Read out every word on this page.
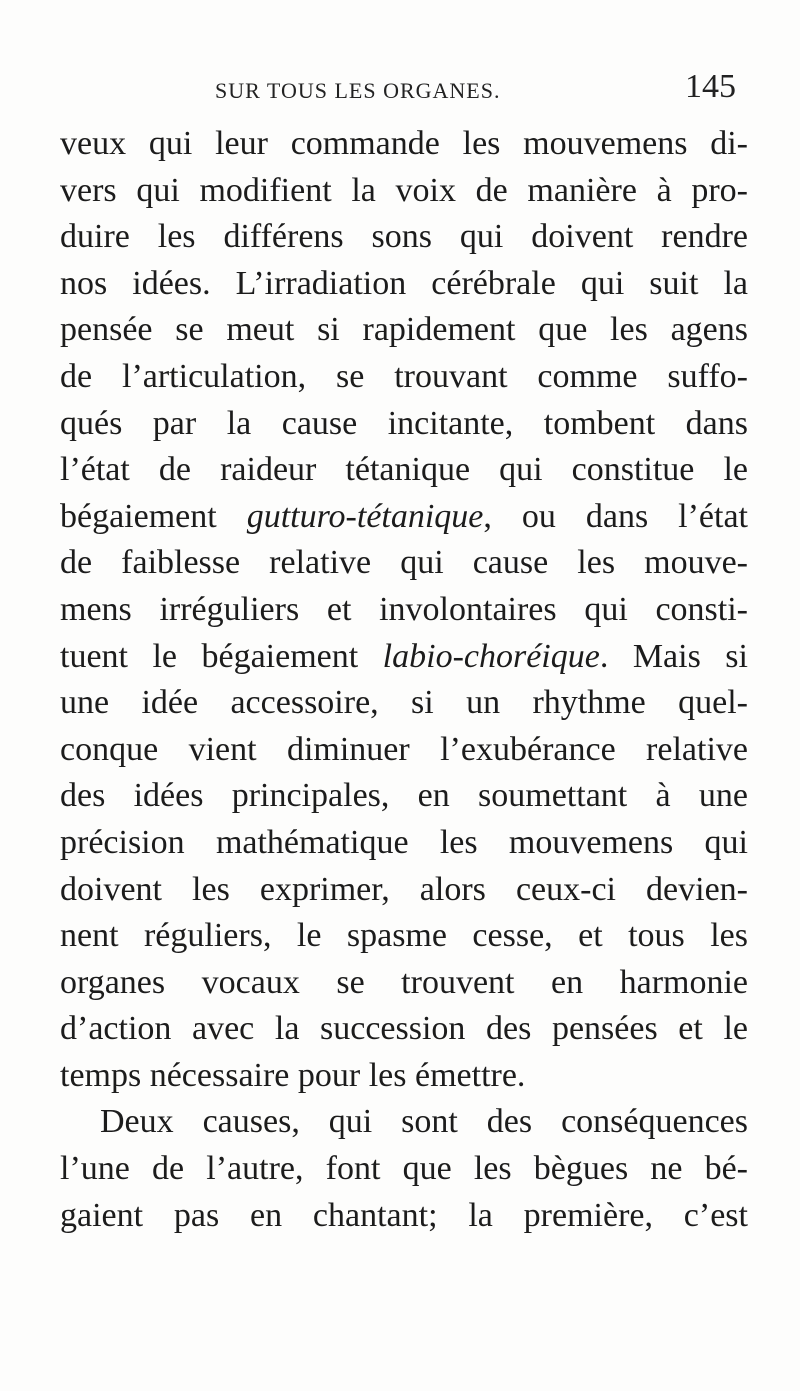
SUR TOUS LES ORGANES.	145
veux qui leur commande les mouvemens di-
vers qui modifient la voix de manière à pro-
duire les différens sons qui doivent rendre
nos idées. L’irradiation cérébrale qui suit la
pensée se meut si rapidement que les agens
de l’articulation, se trouvant comme suffo-
qués par la cause incitante, tombent dans
l’état de raideur tétanique qui constitue le
bégaiement gutturo-tétanique, ou dans l’état
de faiblesse relative qui cause les mouve-
mens irréguliers et involontaires qui consti-
tuent le bégaiement labio-choréique. Mais si
une idée accessoire, si un rhythme quel-
conque vient diminuer l’exubérance relative
des idées principales, en soumettant à une
précision mathématique les mouvemens qui
doivent les exprimer, alors ceux-ci devien-
nent réguliers, le spasme cesse, et tous les
organes vocaux se trouvent en harmonie
d’action avec la succession des pensées et le
temps nécessaire pour les émettre.
Deux causes, qui sont des conséquences
l’une de l’autre, font que les bègues ne bé-
gaient pas en chantant; la première, c’est
